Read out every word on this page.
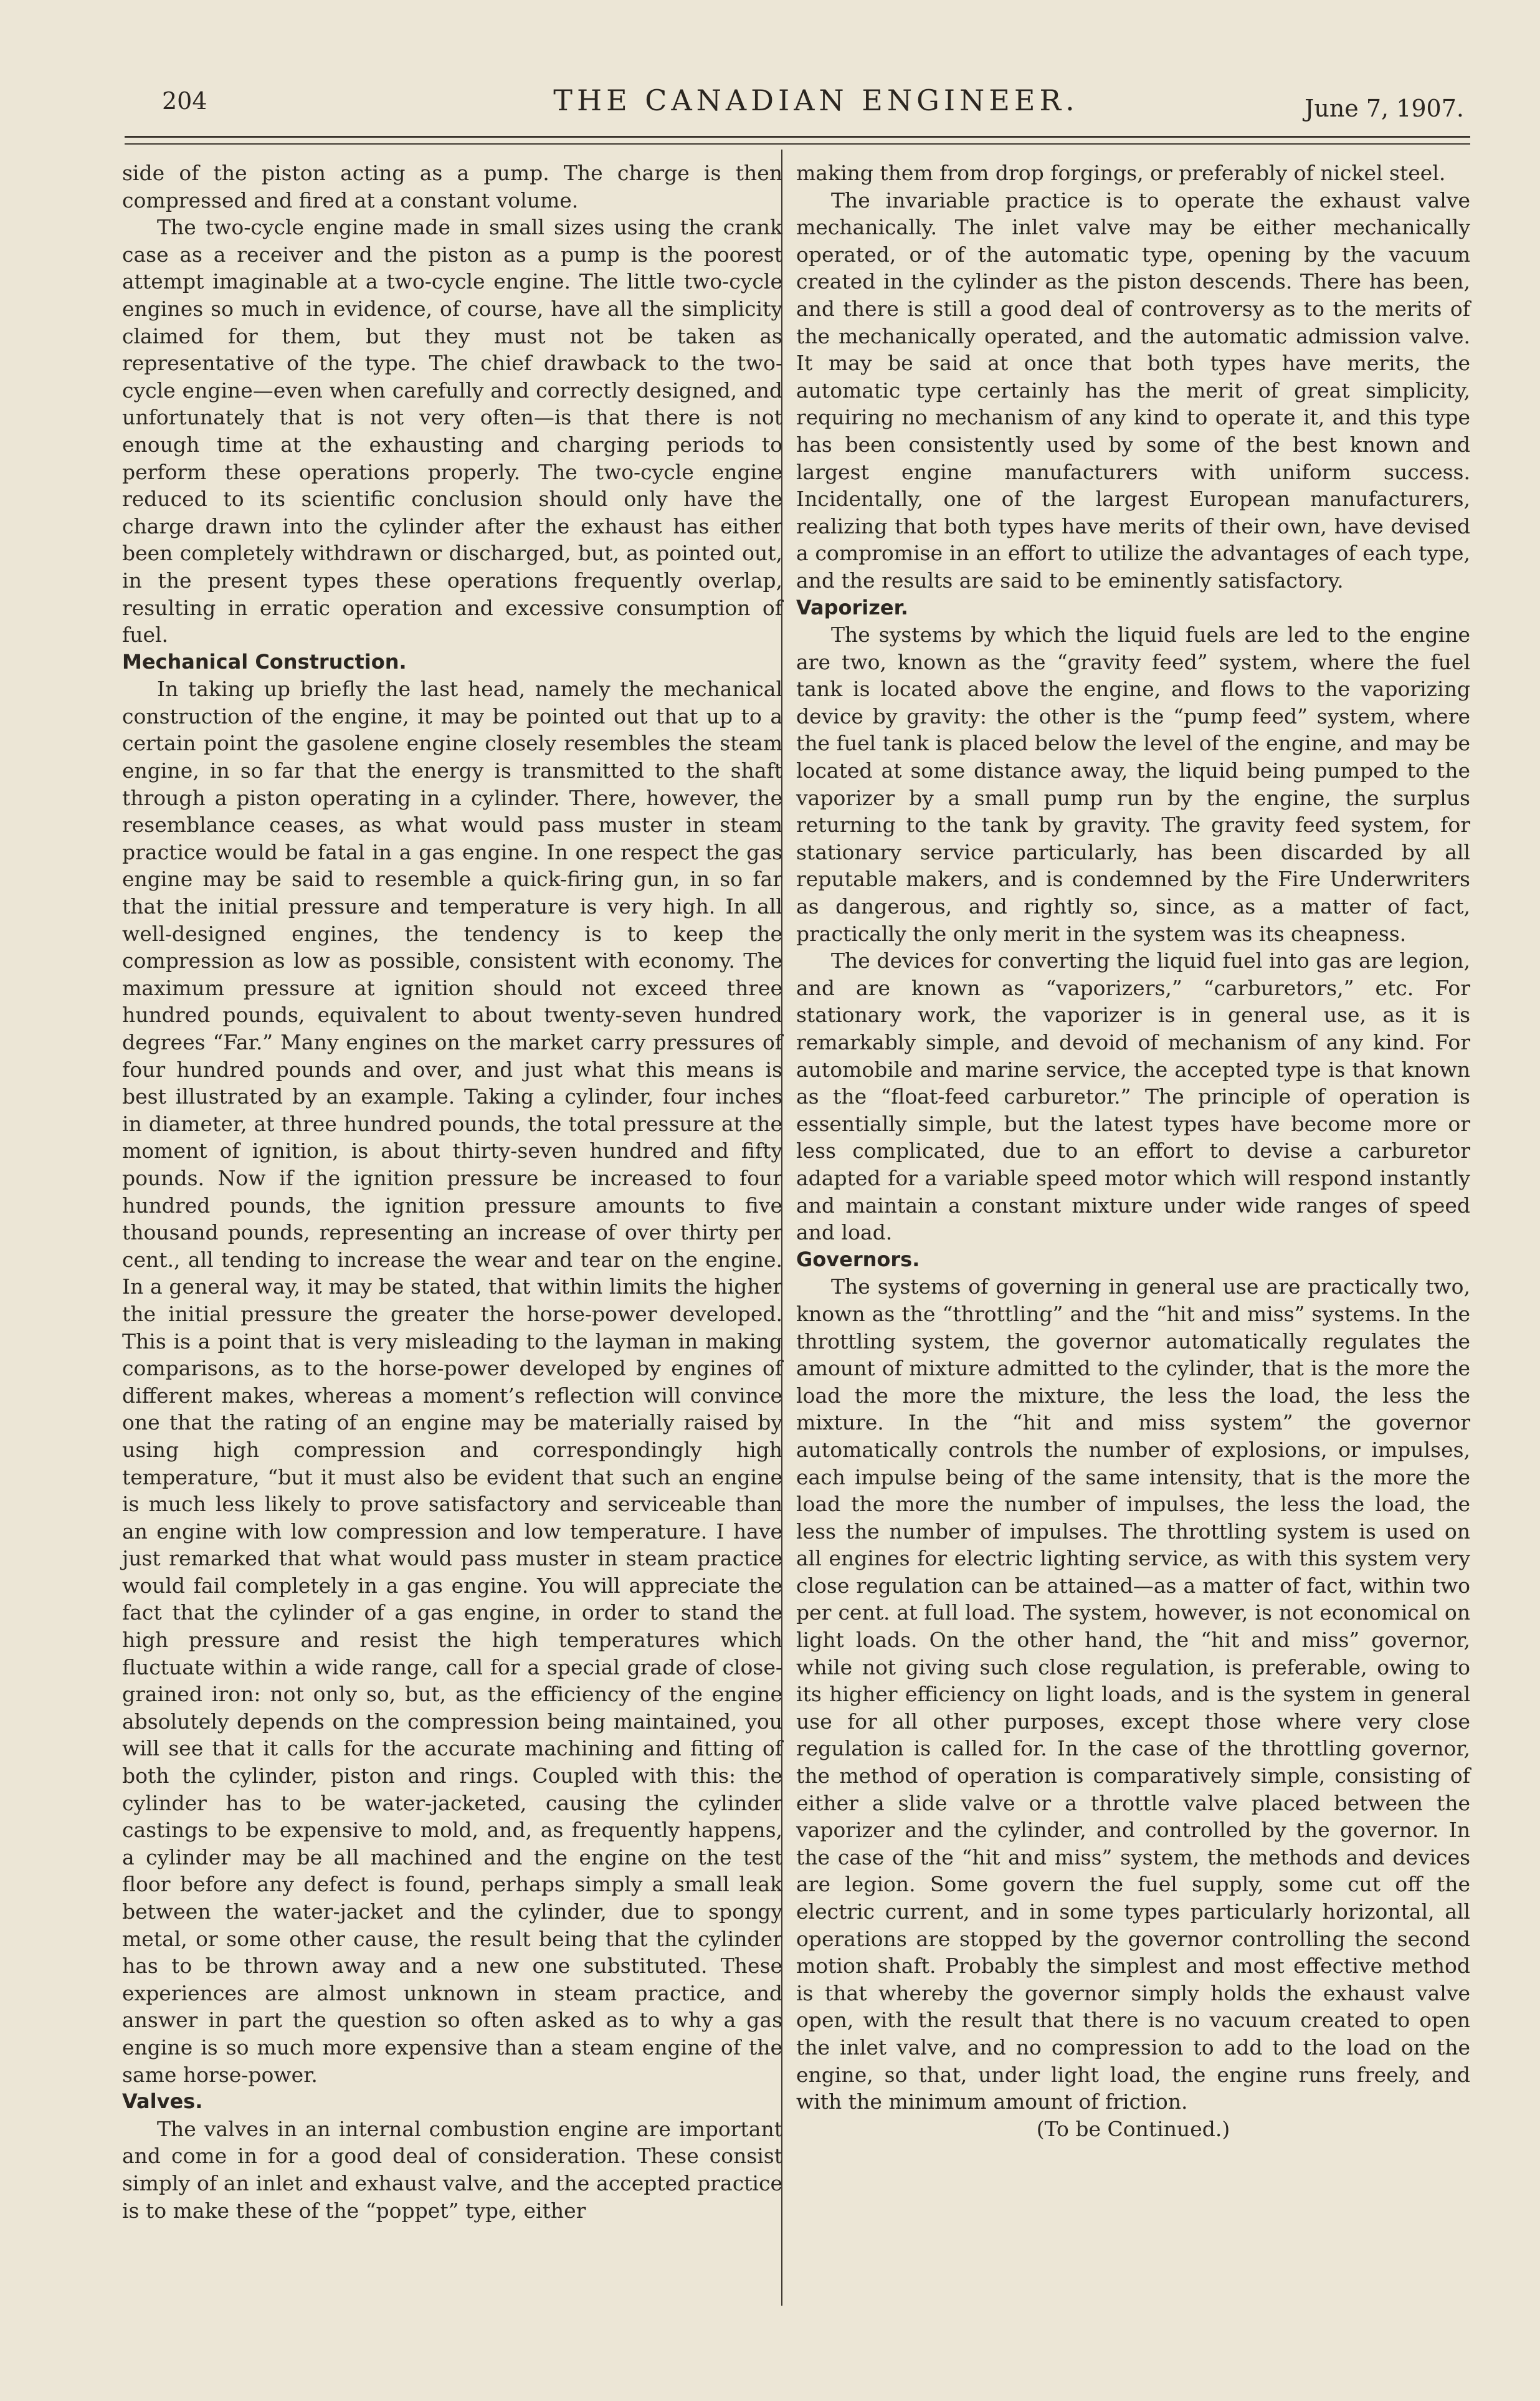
204	THE CANADIAN ENGINEER.	June 7, 1907.

side of the piston acting as a pump. The charge is then compressed and fired at a constant volume.

The two-cycle engine made in small sizes using the crank case as a receiver and the piston as a pump is the poorest attempt imaginable at a two-cycle engine. The little two-cycle engines so much in evidence, of course, have all the simplicity claimed for them, but they must not be taken as representative of the type. The chief drawback to the two-cycle engine—even when carefully and correctly designed, and unfortunately that is not very often—is that there is not enough time at the exhausting and charging periods to perform these operations properly. The two-cycle engine reduced to its scientific conclusion should only have the charge drawn into the cylinder after the exhaust has either been completely withdrawn or discharged, but, as pointed out, in the present types these operations frequently overlap, resulting in erratic operation and excessive consumption of fuel.

Mechanical Construction.

In taking up briefly the last head, namely the mechanical construction of the engine, it may be pointed out that up to a certain point the gasolene engine closely resembles the steam engine, in so far that the energy is transmitted to the shaft through a piston operating in a cylinder. There, however, the resemblance ceases, as what would pass muster in steam practice would be fatal in a gas engine. In one respect the gas engine may be said to resemble a quick-firing gun, in so far that the initial pressure and temperature is very high. In all well-designed engines, the tendency is to keep the compression as low as possible, consistent with economy. The maximum pressure at ignition should not exceed three hundred pounds, equivalent to about twenty-seven hundred degrees “Far.” Many engines on the market carry pressures of four hundred pounds and over, and just what this means is best illustrated by an example. Taking a cylinder, four inches in diameter, at three hundred pounds, the total pressure at the moment of ignition, is about thirty-seven hundred and fifty pounds. Now if the ignition pressure be increased to four hundred pounds, the ignition pressure amounts to five thousand pounds, representing an increase of over thirty per cent., all tending to increase the wear and tear on the engine. In a general way, it may be stated, that within limits the higher the initial pressure the greater the horse-power developed. This is a point that is very misleading to the layman in making comparisons, as to the horse-power developed by engines of different makes, whereas a moment’s reflection will convince one that the rating of an engine may be materially raised by using high compression and correspondingly high temperature, “but it must also be evident that such an engine is much less likely to prove satisfactory and serviceable than an engine with low compression and low temperature. I have just remarked that what would pass muster in steam practice would fail completely in a gas engine. You will appreciate the fact that the cylinder of a gas engine, in order to stand the high pressure and resist the high temperatures which fluctuate within a wide range, call for a special grade of close-grained iron: not only so, but, as the efficiency of the engine absolutely depends on the compression being maintained, you will see that it calls for the accurate machining and fitting of both the cylinder, piston and rings. Coupled with this: the cylinder has to be water-jacketed, causing the cylinder castings to be expensive to mold, and, as frequently happens, a cylinder may be all machined and the engine on the test floor before any defect is found, perhaps simply a small leak between the water-jacket and the cylinder, due to spongy metal, or some other cause, the result being that the cylinder has to be thrown away and a new one substituted. These experiences are almost unknown in steam practice, and answer in part the question so often asked as to why a gas engine is so much more expensive than a steam engine of the same horse-power.

Valves.

The valves in an internal combustion engine are important and come in for a good deal of consideration. These consist simply of an inlet and exhaust valve, and the accepted practice is to make these of the “poppet” type, either

making them from drop forgings, or preferably of nickel steel.

The invariable practice is to operate the exhaust valve mechanically. The inlet valve may be either mechanically operated, or of the automatic type, opening by the vacuum created in the cylinder as the piston descends. There has been, and there is still a good deal of controversy as to the merits of the mechanically operated, and the automatic admission valve. It may be said at once that both types have merits, the automatic type certainly has the merit of great simplicity, requiring no mechanism of any kind to operate it, and this type has been consistently used by some of the best known and largest engine manufacturers with uniform success. Incidentally, one of the largest European manufacturers, realizing that both types have merits of their own, have devised a compromise in an effort to utilize the advantages of each type, and the results are said to be eminently satisfactory.

Vaporizer.

The systems by which the liquid fuels are led to the engine are two, known as the “gravity feed” system, where the fuel tank is located above the engine, and flows to the vaporizing device by gravity: the other is the “pump feed” system, where the fuel tank is placed below the level of the engine, and may be located at some distance away, the liquid being pumped to the vaporizer by a small pump run by the engine, the surplus returning to the tank by gravity. The gravity feed system, for stationary service particularly, has been discarded by all reputable makers, and is condemned by the Fire Underwriters as dangerous, and rightly so, since, as a matter of fact, practically the only merit in the system was its cheapness.

The devices for converting the liquid fuel into gas are legion, and are known as “vaporizers,” “carburetors,” etc. For stationary work, the vaporizer is in general use, as it is remarkably simple, and devoid of mechanism of any kind. For automobile and marine service, the accepted type is that known as the “float-feed carburetor.” The principle of operation is essentially simple, but the latest types have become more or less complicated, due to an effort to devise a carburetor adapted for a variable speed motor which will respond instantly and maintain a constant mixture under wide ranges of speed and load.

Governors.

The systems of governing in general use are practically two, known as the “throttling” and the “hit and miss” systems. In the throttling system, the governor automatically regulates the amount of mixture admitted to the cylinder, that is the more the load the more the mixture, the less the load, the less the mixture. In the “hit and miss system” the governor automatically controls the number of explosions, or impulses, each impulse being of the same intensity, that is the more the load the more the number of impulses, the less the load, the less the number of impulses. The throttling system is used on all engines for electric lighting service, as with this system very close regulation can be attained—as a matter of fact, within two per cent. at full load. The system, however, is not economical on light loads. On the other hand, the “hit and miss” governor, while not giving such close regulation, is preferable, owing to its higher efficiency on light loads, and is the system in general use for all other purposes, except those where very close regulation is called for. In the case of the throttling governor, the method of operation is comparatively simple, consisting of either a slide valve or a throttle valve placed between the vaporizer and the cylinder, and controlled by the governor. In the case of the “hit and miss” system, the methods and devices are legion. Some govern the fuel supply, some cut off the electric current, and in some types particularly horizontal, all operations are stopped by the governor controlling the second motion shaft. Probably the simplest and most effective method is that whereby the governor simply holds the exhaust valve open, with the result that there is no vacuum created to open the inlet valve, and no compression to add to the load on the engine, so that, under light load, the engine runs freely, and with the minimum amount of friction.

(To be Continued.)
